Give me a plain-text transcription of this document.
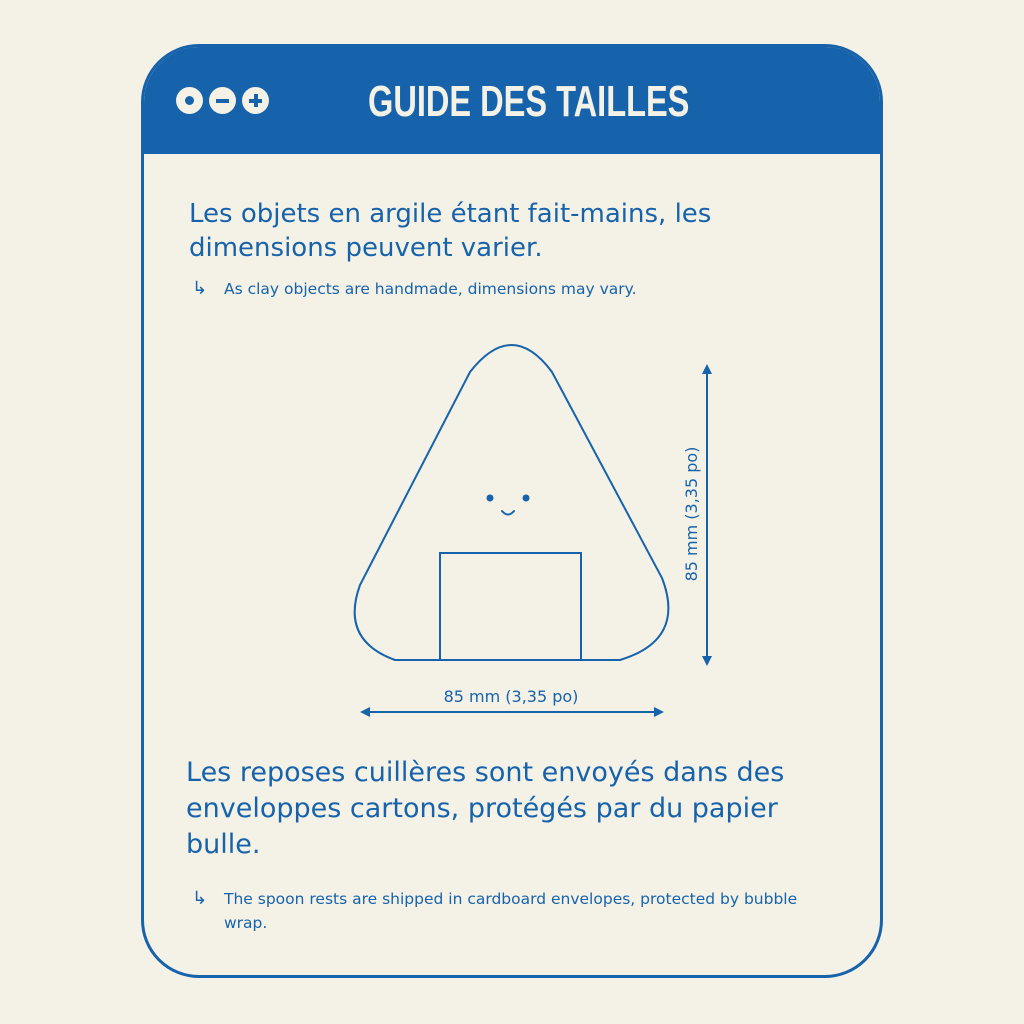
GUIDE DES TAILLES
Les objets en argile étant fait-mains, les dimensions peuvent varier.
↳	As clay objects are handmade, dimensions may vary.
Les reposes cuillères sont envoyés dans des enveloppes cartons, protégés par du papier bulle.
↳	The spoon rests are shipped in cardboard envelopes, protected by bubble wrap.
85 mm (3,35 po)
85 mm (3,35 po)
